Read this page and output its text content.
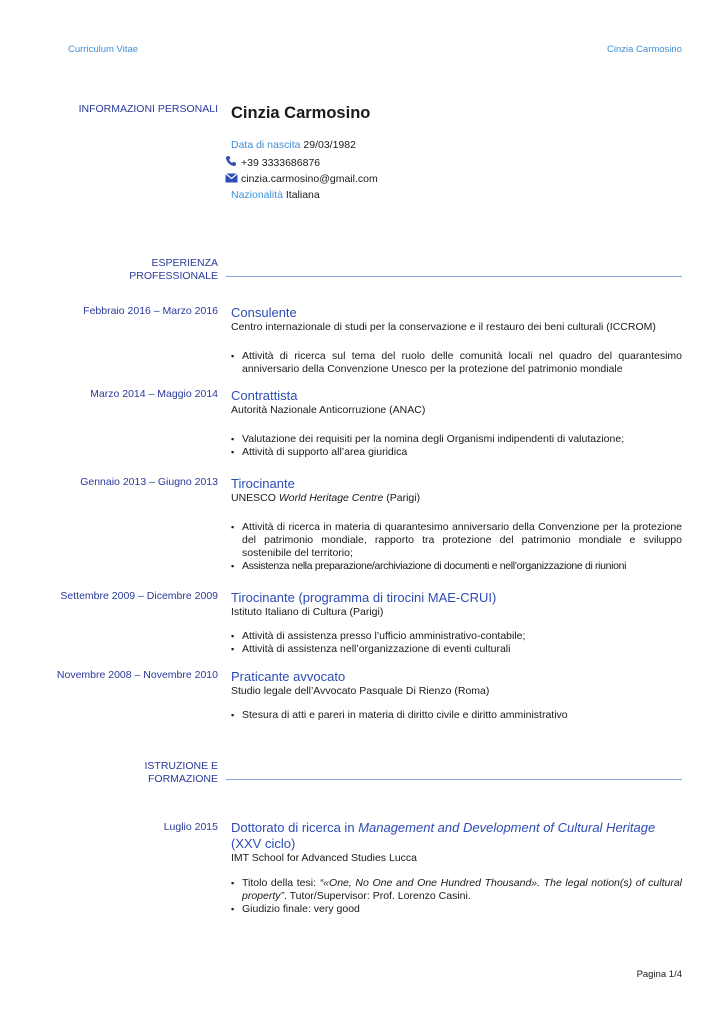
Curriculum Vitae	Cinzia Carmosino
INFORMAZIONI PERSONALI Cinzia Carmosino
Data di nascita 29/03/1982
+39 3333686876
cinzia.carmosino@gmail.com
Nazionalità Italiana
ESPERIENZA
PROFESSIONALE
Febbraio 2016 – Marzo 2016 Consulente
Centro internazionale di studi per la conservazione e il restauro dei beni culturali (ICCROM)
▪ Attività di ricerca sul tema del ruolo delle comunità locali nel quadro del quarantesimo anniversario della Convenzione Unesco per la protezione del patrimonio mondiale
Marzo 2014 – Maggio 2014 Contrattista
Autorità Nazionale Anticorruzione (ANAC)
▪ Valutazione dei requisiti per la nomina degli Organismi indipendenti di valutazione;
▪ Attività di supporto all’area giuridica
Gennaio 2013 – Giugno 2013 Tirocinante
UNESCO World Heritage Centre (Parigi)
▪ Attività di ricerca in materia di quarantesimo anniversario della Convenzione per la protezione del patrimonio mondiale, rapporto tra protezione del patrimonio mondiale e sviluppo sostenibile del territorio;
▪ Assistenza nella preparazione/archiviazione di documenti e nell’organizzazione di riunioni
Settembre 2009 – Dicembre 2009 Tirocinante (programma di tirocini MAE-CRUI)
Istituto Italiano di Cultura (Parigi)
▪ Attività di assistenza presso l’ufficio amministrativo-contabile;
▪ Attività di assistenza nell’organizzazione di eventi culturali
Novembre 2008 – Novembre 2010 Praticante avvocato
Studio legale dell’Avvocato Pasquale Di Rienzo (Roma)
▪ Stesura di atti e pareri in materia di diritto civile e diritto amministrativo
ISTRUZIONE E
FORMAZIONE
Luglio 2015 Dottorato di ricerca in Management and Development of Cultural Heritage (XXV ciclo)
IMT School for Advanced Studies Lucca
▪ Titolo della tesi: “«One, No One and One Hundred Thousand». The legal notion(s) of cultural property”. Tutor/Supervisor: Prof. Lorenzo Casini.
▪ Giudizio finale: very good
Pagina 1/4
